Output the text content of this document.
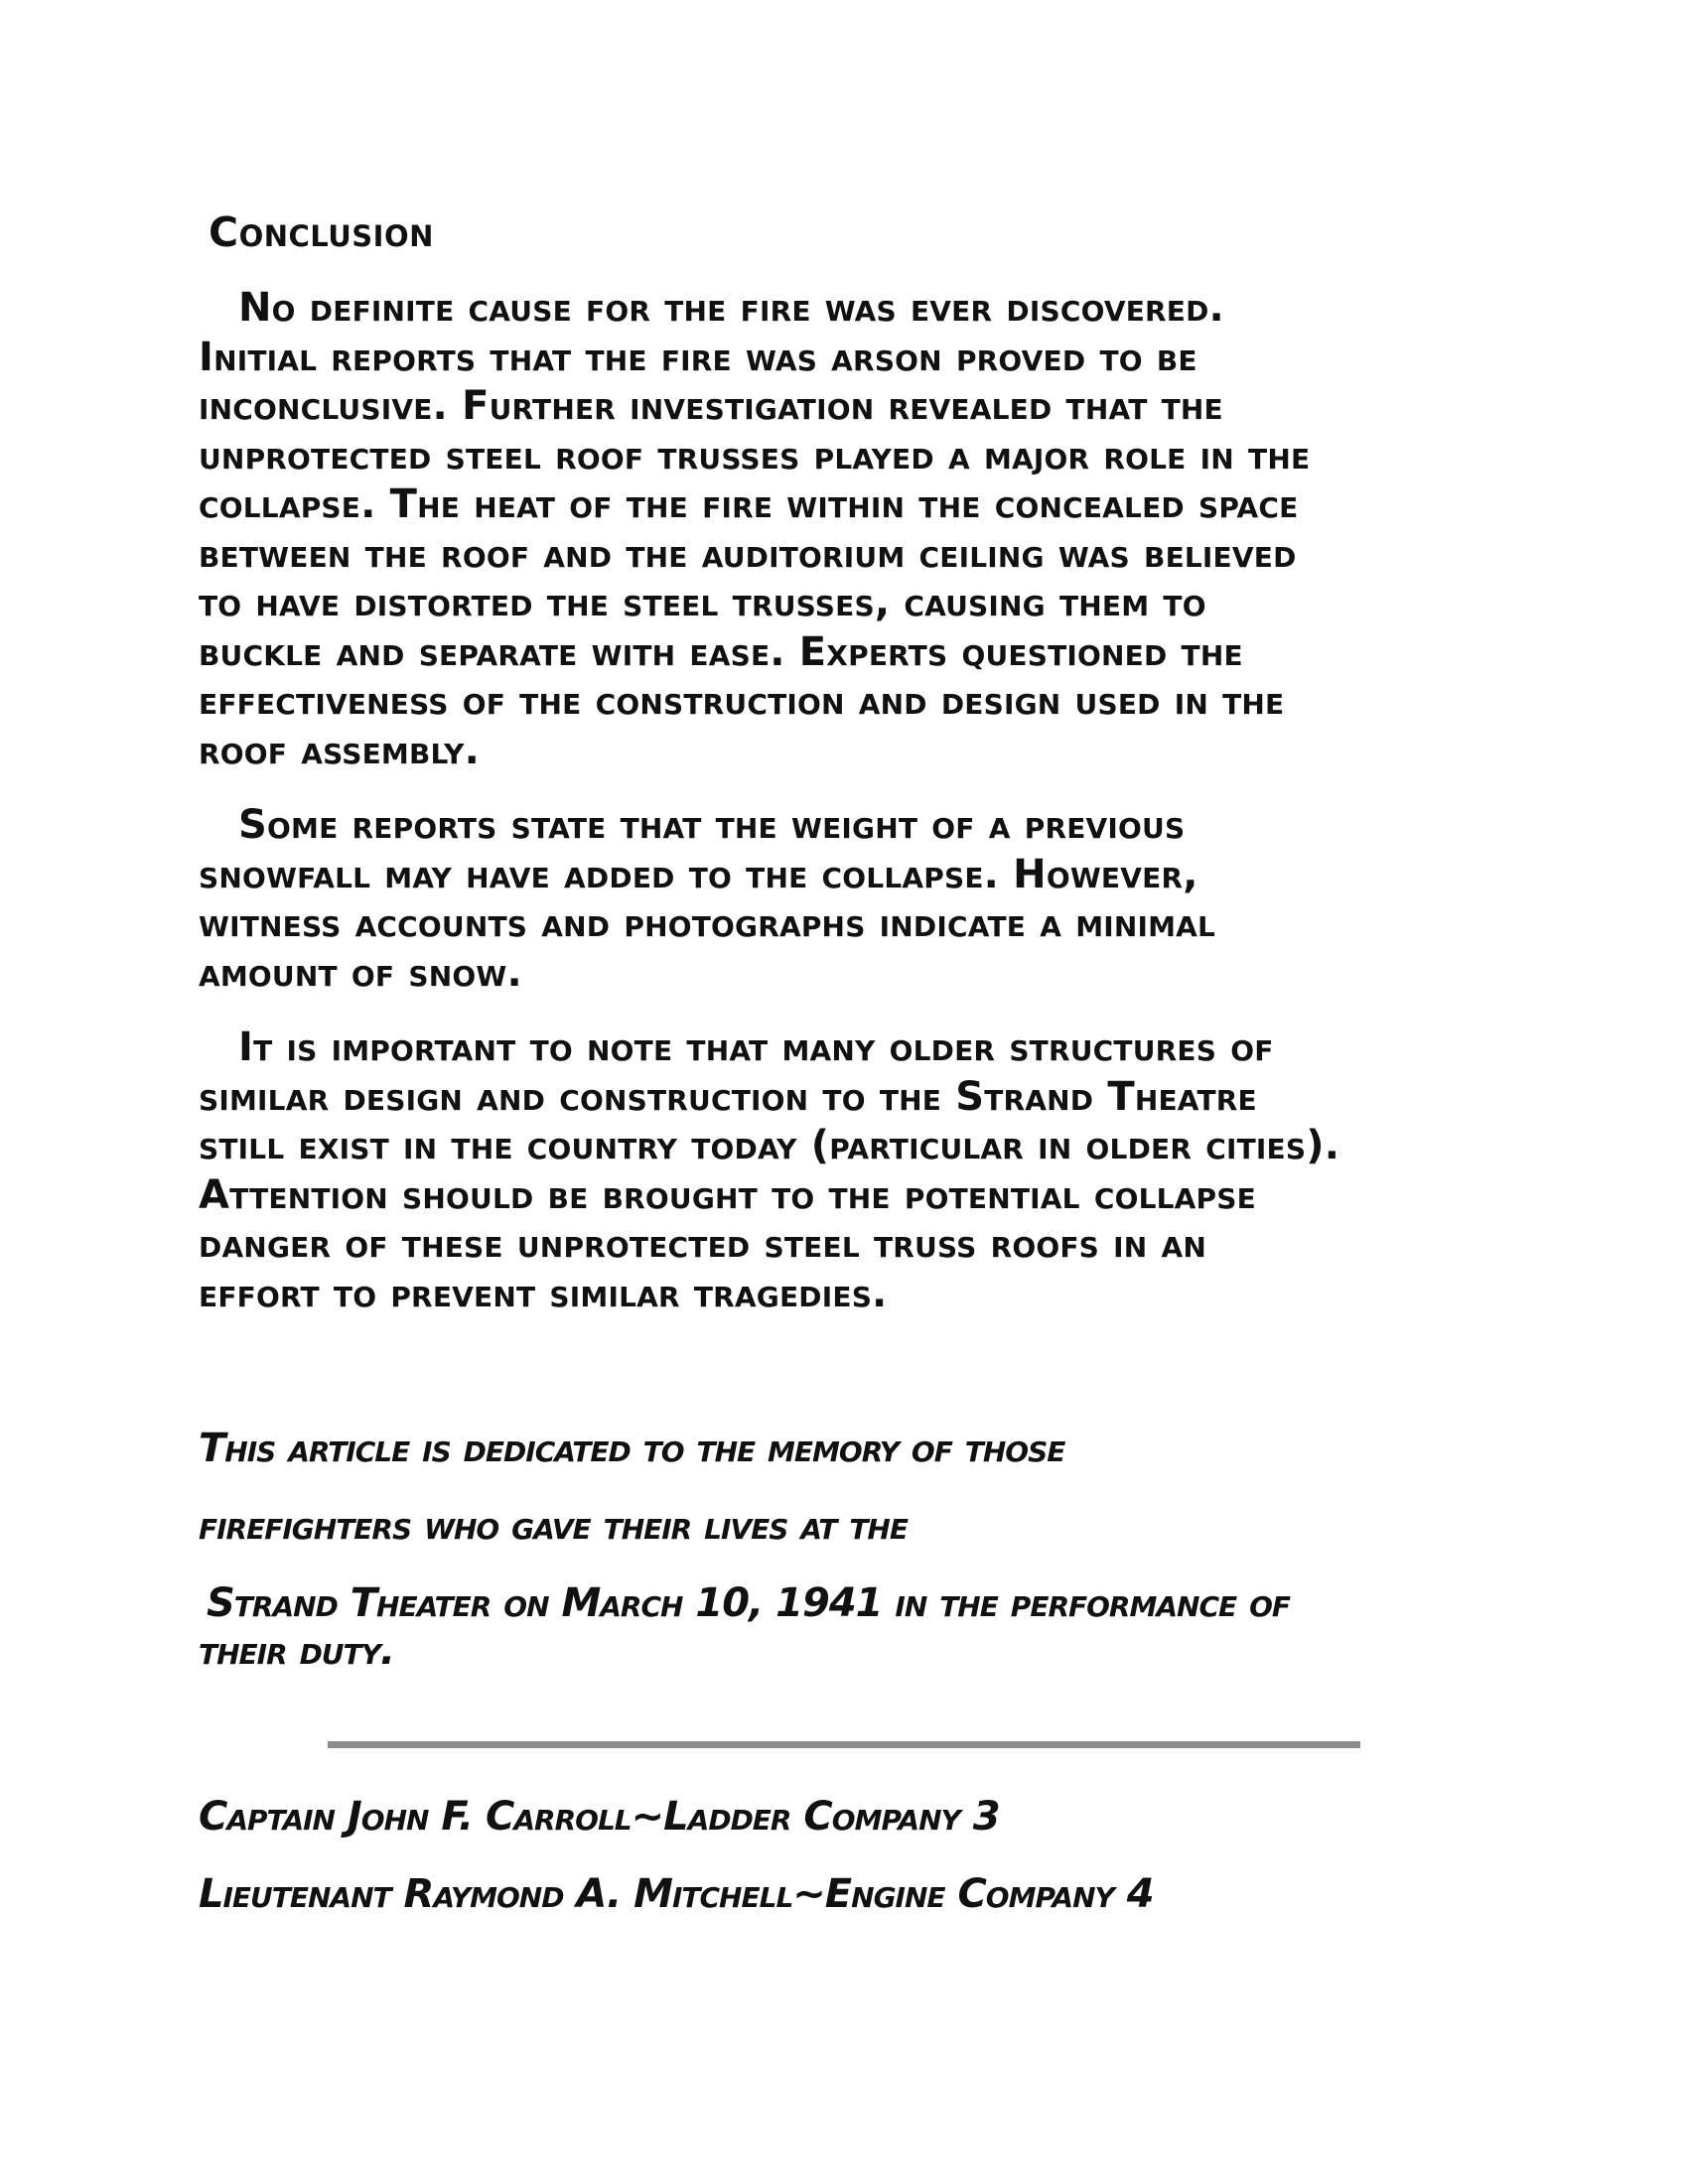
Conclusion
No definite cause for the fire was ever discovered.
Initial reports that the fire was arson proved to be
inconclusive. Further investigation revealed that the
unprotected steel roof trusses played a major role in the
collapse. The heat of the fire within the concealed space
between the roof and the auditorium ceiling was believed
to have distorted the steel trusses, causing them to
buckle and separate with ease. Experts questioned the
effectiveness of the construction and design used in the
roof assembly.
Some reports state that the weight of a previous
snowfall may have added to the collapse. However,
witness accounts and photographs indicate a minimal
amount of snow.
It is important to note that many older structures of
similar design and construction to the Strand Theatre
still exist in the country today (particular in older cities).
Attention should be brought to the potential collapse
danger of these unprotected steel truss roofs in an
effort to prevent similar tragedies.
This article is dedicated to the memory of those
firefighters who gave their lives at the
Strand Theater on March 10, 1941 in the performance of
their duty.
Captain John F. Carroll~Ladder Company 3
Lieutenant Raymond A. Mitchell~Engine Company 4
